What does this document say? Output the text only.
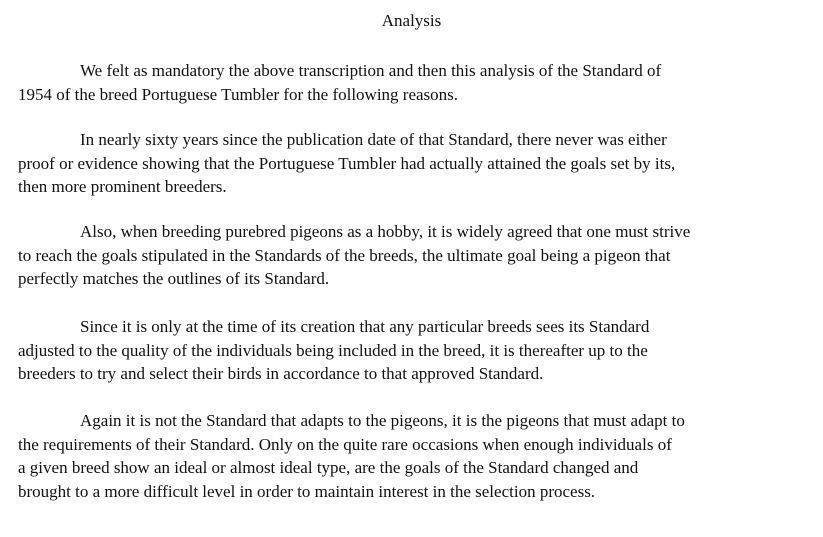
Analysis

We felt as mandatory the above transcription and then this analysis of the Standard of
1954 of the breed Portuguese Tumbler for the following reasons.

In nearly sixty years since the publication date of that Standard, there never was either
proof or evidence showing that the Portuguese Tumbler had actually attained the goals set by its,
then more prominent breeders.

Also, when breeding purebred pigeons as a hobby, it is widely agreed that one must strive
to reach the goals stipulated in the Standards of the breeds, the ultimate goal being a pigeon that
perfectly matches the outlines of its Standard.

Since it is only at the time of its creation that any particular breeds sees its Standard
adjusted to the quality of the individuals being included in the breed, it is thereafter up to the
breeders to try and select their birds in accordance to that approved Standard.

Again it is not the Standard that adapts to the pigeons, it is the pigeons that must adapt to
the requirements of their Standard. Only on the quite rare occasions when enough individuals of
a given breed show an ideal or almost ideal type, are the goals of the Standard changed and
brought to a more difficult level in order to maintain interest in the selection process.
